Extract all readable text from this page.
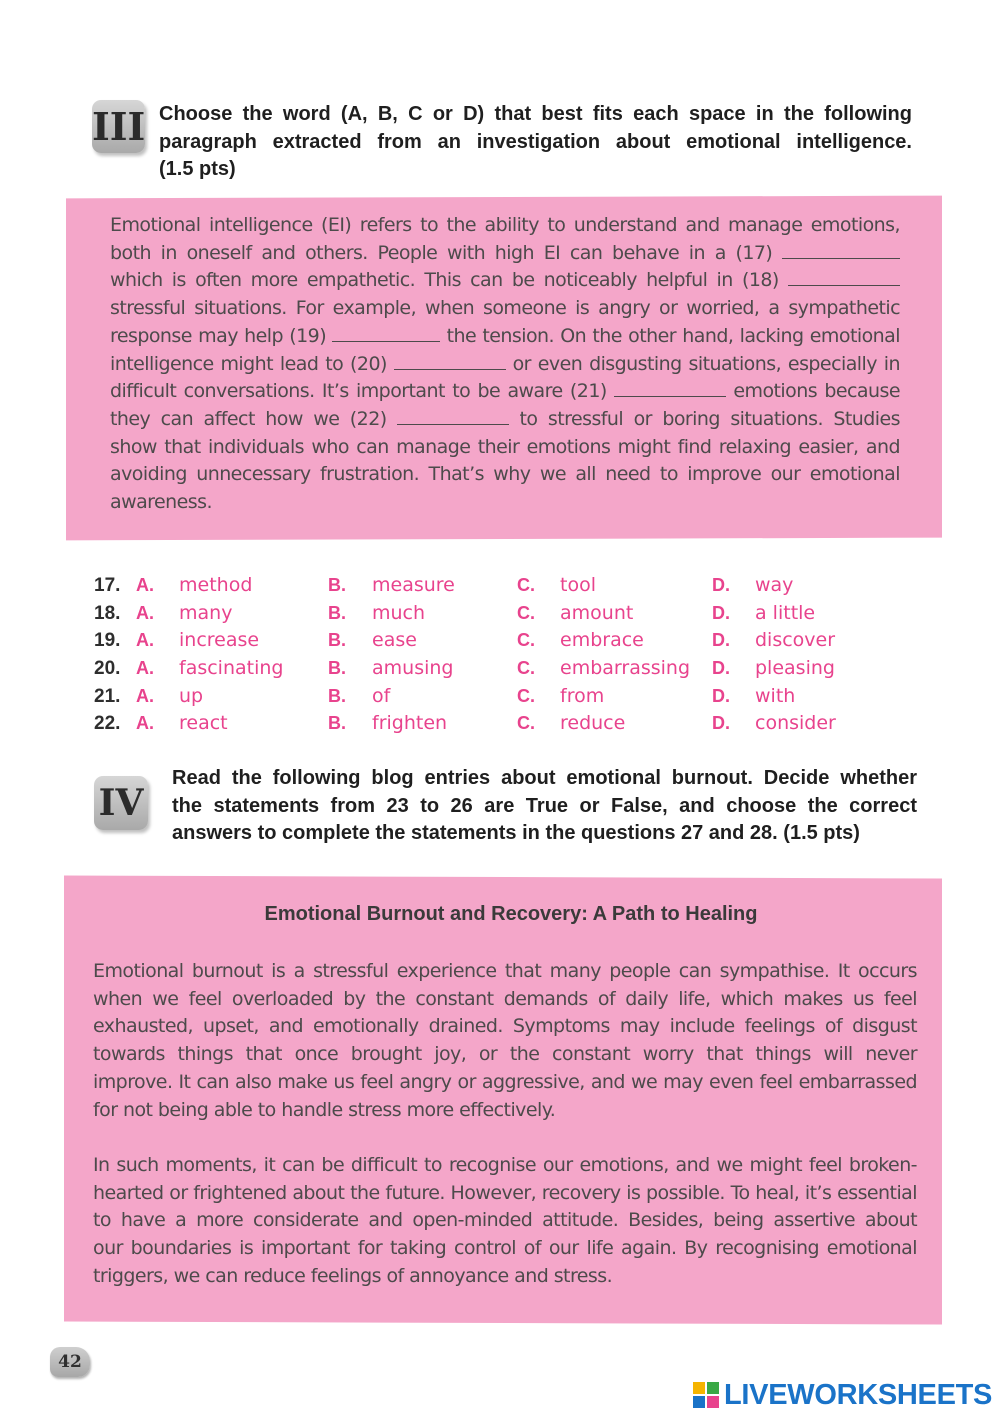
III Choose the word (A, B, C or D) that best fits each space in the following
paragraph extracted from an investigation about emotional intelligence.
(1.5 pts)
Emotional intelligence (EI) refers to the ability to understand and manage emotions,
both in oneself and others. People with high EI can behave in a (17)
which is often more empathetic. This can be noticeably helpful in (18)
stressful situations. For example, when someone is angry or worried, a sympathetic
response may help (19)	the tension. On the other hand, lacking emotional
intelligence might lead to (20)	or even disgusting situations, especially in
difficult conversations. It’s important to be aware (21)	emotions because
they can affect how we (22)	to stressful or boring situations. Studies
show that individuals who can manage their emotions might find relaxing easier, and
avoiding unnecessary frustration. That’s why we all need to improve our emotional
awareness.
17. A. method	B. measure	C. tool	D. way
18. A. many	B. much	C. amount	D. a little
19. A. increase	B. ease	C. embrace	D. discover
20. A. fascinating B. amusing	C. embarrassing D. pleasing
21. A. up	B. of	C. from	D. with
22. A. react	B. frighten	C. reduce	D. consider
IV
Read the following blog entries about emotional burnout. Decide whether
the statements from 23 to 26 are True or False, and choose the correct
answers to complete the statements in the questions 27 and 28. (1.5 pts)
Emotional Burnout and Recovery: A Path to Healing
Emotional burnout is a stressful experience that many people can sympathise. It occurs
when we feel overloaded by the constant demands of daily life, which makes us feel
exhausted, upset, and emotionally drained. Symptoms may include feelings of disgust
towards things that once brought joy, or the constant worry that things will never
improve. It can also make us feel angry or aggressive, and we may even feel embarrassed
for not being able to handle stress more effectively.
In such moments, it can be difficult to recognise our emotions, and we might feel broken-
hearted or frightened about the future. However, recovery is possible. To heal, it’s essential
to have a more considerate and open-minded attitude. Besides, being assertive about
our boundaries is important for taking control of our life again. By recognising emotional
triggers, we can reduce feelings of annoyance and stress.
42
LIVEWORKSHEETS
